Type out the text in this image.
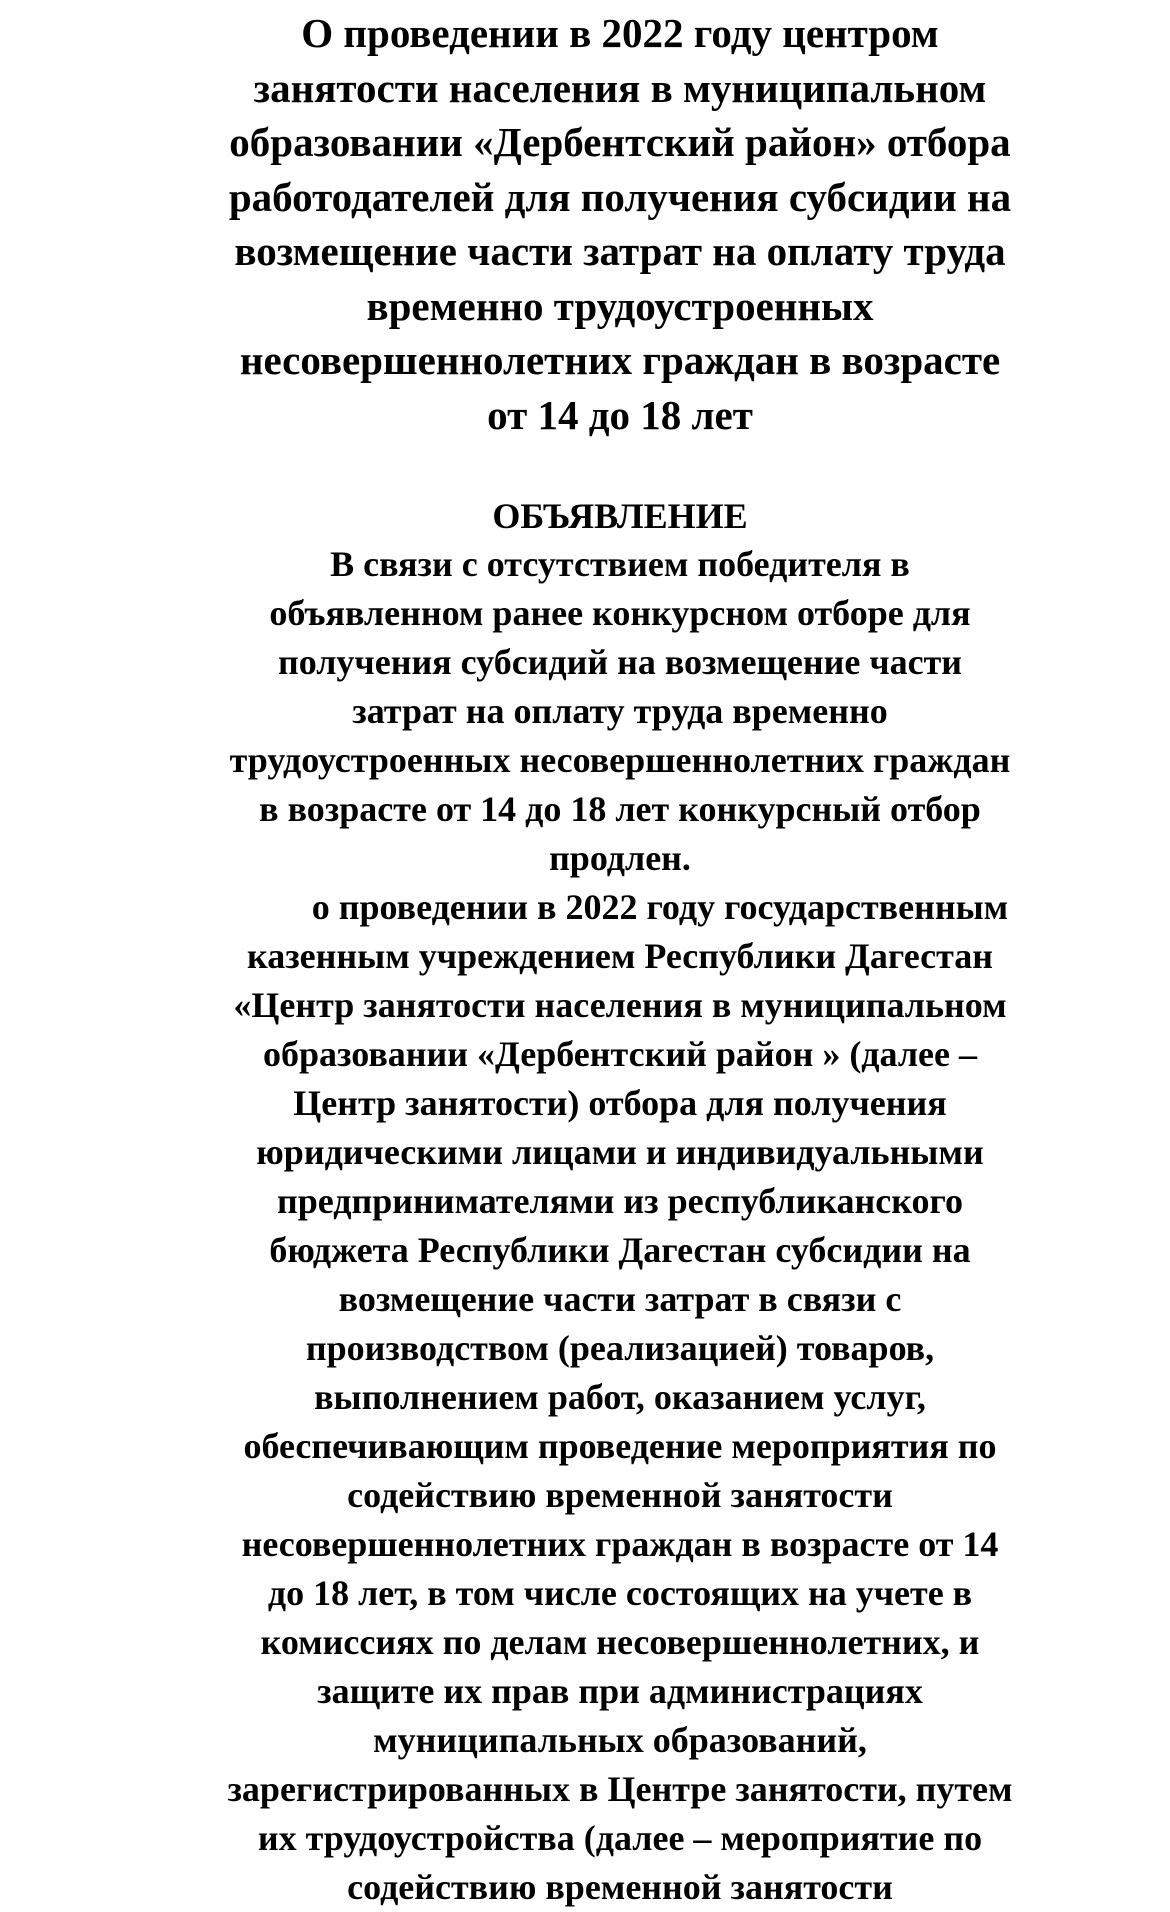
О проведении в 2022 году центром
занятости населения в муниципальном
образовании «Дербентский район» отбора
работодателей для получения субсидии на
возмещение части затрат на оплату труда
временно трудоустроенных
несовершеннолетних граждан в возрасте
от 14 до 18 лет
ОБЪЯВЛЕНИЕ

В связи с отсутствием победителя в
объявленном ранее конкурсном отборе для
получения субсидий на возмещение части
затрат на оплату труда временно
трудоустроенных несовершеннолетних граждан
в возрасте от 14 до 18 лет конкурсный отбор
продлен.

о проведении в 2022 году государственным
казенным учреждением Республики Дагестан
«Центр занятости населения в муниципальном
образовании «Дербентский район » (далее –
Центр занятости) отбора для получения
юридическими лицами и индивидуальными
предпринимателями из республиканского
бюджета Республики Дагестан субсидии на
возмещение части затрат в связи с
производством (реализацией) товаров,
выполнением работ, оказанием услуг,
обеспечивающим проведение мероприятия по
содействию временной занятости
несовершеннолетних граждан в возрасте от 14
до 18 лет, в том числе состоящих на учете в
комиссиях по делам несовершеннолетних, и
защите их прав при администрациях
муниципальных образований,
зарегистрированных в Центре занятости, путем
их трудоустройства (далее – мероприятие по
содействию временной занятости
